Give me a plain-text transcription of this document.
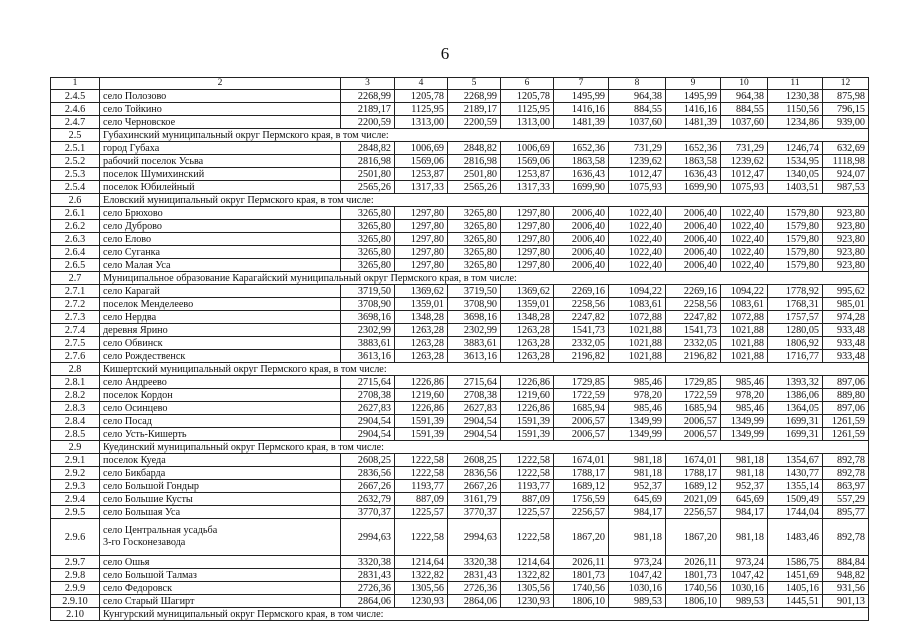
6
1	2	3	4	5	6	7	8	9	10	11	12
2.4.5	село Полозово	2268,99	1205,78	2268,99	1205,78	1495,99	964,38	1495,99	964,38	1230,38	875,98
2.4.6	село Тойкино	2189,17	1125,95	2189,17	1125,95	1416,16	884,55	1416,16	884,55	1150,56	796,15
2.4.7	село Черновское	2200,59	1313,00	2200,59	1313,00	1481,39	1037,60	1481,39	1037,60	1234,86	939,00
2.5	Губахинский муниципальный округ Пермского края, в том числе:										
2.5.1	город Губаха	2848,82	1006,69	2848,82	1006,69	1652,36	731,29	1652,36	731,29	1246,74	632,69
2.5.2	рабочий поселок Усьва	2816,98	1569,06	2816,98	1569,06	1863,58	1239,62	1863,58	1239,62	1534,95	1118,98
2.5.3	поселок Шумихинский	2501,80	1253,87	2501,80	1253,87	1636,43	1012,47	1636,43	1012,47	1340,05	924,07
2.5.4	поселок Юбилейный	2565,26	1317,33	2565,26	1317,33	1699,90	1075,93	1699,90	1075,93	1403,51	987,53
2.6	Еловский муниципальный округ Пермского края, в том числе:										
2.6.1	село Брюхово	3265,80	1297,80	3265,80	1297,80	2006,40	1022,40	2006,40	1022,40	1579,80	923,80
2.6.2	село Дуброво	3265,80	1297,80	3265,80	1297,80	2006,40	1022,40	2006,40	1022,40	1579,80	923,80
2.6.3	село Елово	3265,80	1297,80	3265,80	1297,80	2006,40	1022,40	2006,40	1022,40	1579,80	923,80
2.6.4	село Суганка	3265,80	1297,80	3265,80	1297,80	2006,40	1022,40	2006,40	1022,40	1579,80	923,80
2.6.5	село Малая Уса	3265,80	1297,80	3265,80	1297,80	2006,40	1022,40	2006,40	1022,40	1579,80	923,80
2.7	Муниципальное образование Карагайский муниципальный округ Пермского края, в том числе:										
2.7.1	село Карагай	3719,50	1369,62	3719,50	1369,62	2269,16	1094,22	2269,16	1094,22	1778,92	995,62
2.7.2	поселок Менделеево	3708,90	1359,01	3708,90	1359,01	2258,56	1083,61	2258,56	1083,61	1768,31	985,01
2.7.3	село Нердва	3698,16	1348,28	3698,16	1348,28	2247,82	1072,88	2247,82	1072,88	1757,57	974,28
2.7.4	деревня Ярино	2302,99	1263,28	2302,99	1263,28	1541,73	1021,88	1541,73	1021,88	1280,05	933,48
2.7.5	село Обвинск	3883,61	1263,28	3883,61	1263,28	2332,05	1021,88	2332,05	1021,88	1806,92	933,48
2.7.6	село Рождественск	3613,16	1263,28	3613,16	1263,28	2196,82	1021,88	2196,82	1021,88	1716,77	933,48
2.8	Кишертский муниципальный округ Пермского края, в том числе:										
2.8.1	село Андреево	2715,64	1226,86	2715,64	1226,86	1729,85	985,46	1729,85	985,46	1393,32	897,06
2.8.2	поселок Кордон	2708,38	1219,60	2708,38	1219,60	1722,59	978,20	1722,59	978,20	1386,06	889,80
2.8.3	село Осинцево	2627,83	1226,86	2627,83	1226,86	1685,94	985,46	1685,94	985,46	1364,05	897,06
2.8.4	село Посад	2904,54	1591,39	2904,54	1591,39	2006,57	1349,99	2006,57	1349,99	1699,31	1261,59
2.8.5	село Усть-Кишерть	2904,54	1591,39	2904,54	1591,39	2006,57	1349,99	2006,57	1349,99	1699,31	1261,59
2.9	Куединский муниципальный округ Пермского края, в том числе:										
2.9.1	поселок Куеда	2608,25	1222,58	2608,25	1222,58	1674,01	981,18	1674,01	981,18	1354,67	892,78
2.9.2	село Бикбарда	2836,56	1222,58	2836,56	1222,58	1788,17	981,18	1788,17	981,18	1430,77	892,78
2.9.3	село Большой Гондыр	2667,26	1193,77	2667,26	1193,77	1689,12	952,37	1689,12	952,37	1355,14	863,97
2.9.4	село Большие Кусты	2632,79	887,09	3161,79	887,09	1756,59	645,69	2021,09	645,69	1509,49	557,29
2.9.5	село Большая Уса	3770,37	1225,57	3770,37	1225,57	2256,57	984,17	2256,57	984,17	1744,04	895,77
2.9.6	село Центральная усадьба
3-го Госконезавода	2994,63	1222,58	2994,63	1222,58	1867,20	981,18	1867,20	981,18	1483,46	892,78
2.9.7	село Ошья	3320,38	1214,64	3320,38	1214,64	2026,11	973,24	2026,11	973,24	1586,75	884,84
2.9.8	село Большой Талмаз	2831,43	1322,82	2831,43	1322,82	1801,73	1047,42	1801,73	1047,42	1451,69	948,82
2.9.9	село Федоровск	2726,36	1305,56	2726,36	1305,56	1740,56	1030,16	1740,56	1030,16	1405,16	931,56
2.9.10	село Старый Шагирт	2864,06	1230,93	2864,06	1230,93	1806,10	989,53	1806,10	989,53	1445,51	901,13
2.10	Кунгурский муниципальный округ Пермского края, в том числе:										
